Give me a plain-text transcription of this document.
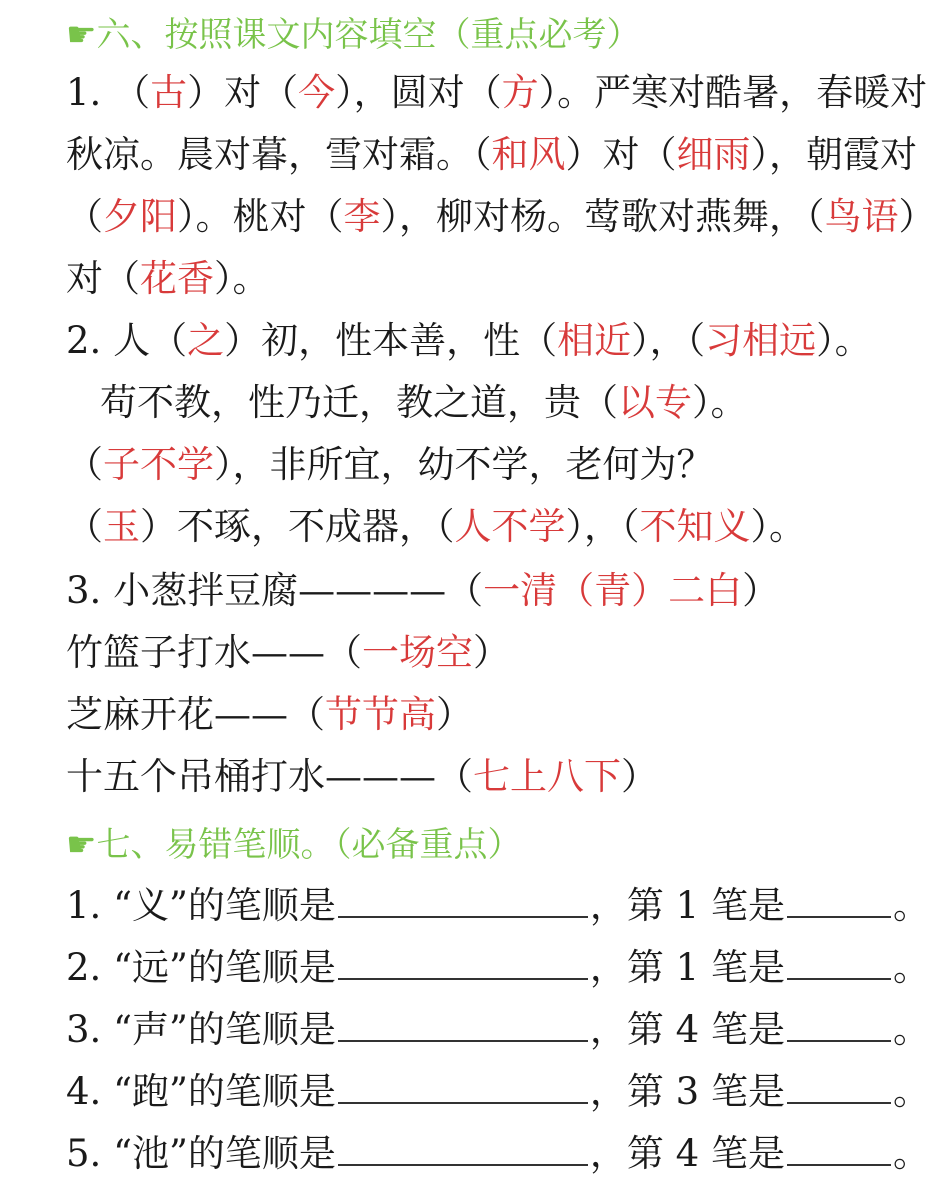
☛六、按照课文内容填空（重点必考）
1. （古）对（今），圆对（方）。严寒对酷暑，春暖对
秋凉。晨对暮，雪对霜。（和风）对（细雨），朝霞对
（夕阳）。桃对（李），柳对杨。莺歌对燕舞，（鸟语）
对（花香）。
2. 人（之）初，性本善，性（相近），（习相远）。
苟不教，性乃迁，教之道，贵（以专）。
（子不学），非所宜，幼不学，老何为？
（玉）不琢，不成器，（人不学），（不知义）。
3. 小葱拌豆腐————（一清（青）二白）
竹篮子打水——（一场空）
芝麻开花——（节节高）
十五个吊桶打水———（七上八下）
☛七、易错笔顺。（必备重点）
1. “义”的笔顺是	，第 1 笔是	。
2. “远”的笔顺是	，第 1 笔是	。
3. “声”的笔顺是	，第 4 笔是	。
4. “跑”的笔顺是	，第 3 笔是	。
5. “池”的笔顺是	，第 4 笔是	。
